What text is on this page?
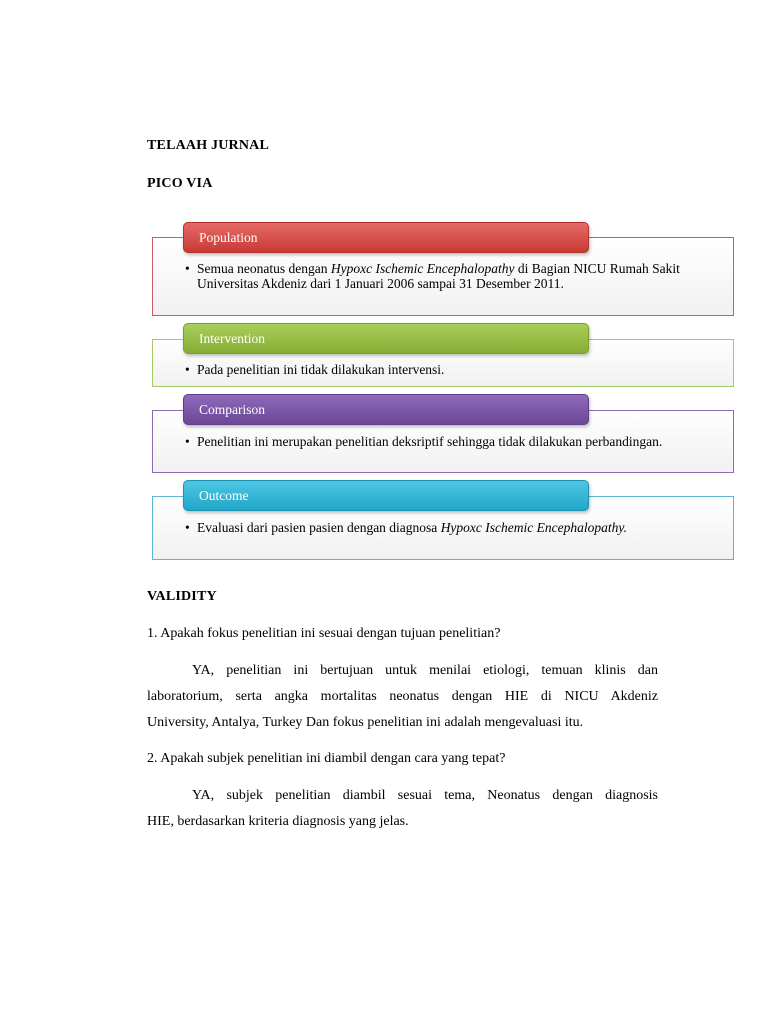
TELAAH JURNAL
PICO VIA
• Semua neonatus dengan Hypoxc Ischemic Encephalopathy di Bagian NICU Rumah Sakit Universitas Akdeniz dari 1 Januari 2006 sampai 31 Desember 2011.
Population
• Pada penelitian ini tidak dilakukan intervensi.
Intervention
• Penelitian ini merupakan penelitian deksriptif sehingga tidak dilakukan perbandingan.
Comparison
• Evaluasi dari pasien pasien dengan diagnosa Hypoxc Ischemic Encephalopathy.
Outcome
VALIDITY
1. Apakah fokus penelitian ini sesuai dengan tujuan penelitian?
YA, penelitian ini bertujuan untuk menilai etiologi, temuan klinis dan
laboratorium, serta angka mortalitas neonatus dengan HIE di NICU Akdeniz
University, Antalya, Turkey Dan fokus penelitian ini adalah mengevaluasi itu.
2. Apakah subjek penelitian ini diambil dengan cara yang tepat?
YA, subjek penelitian diambil sesuai tema, Neonatus dengan diagnosis
HIE, berdasarkan kriteria diagnosis yang jelas.
